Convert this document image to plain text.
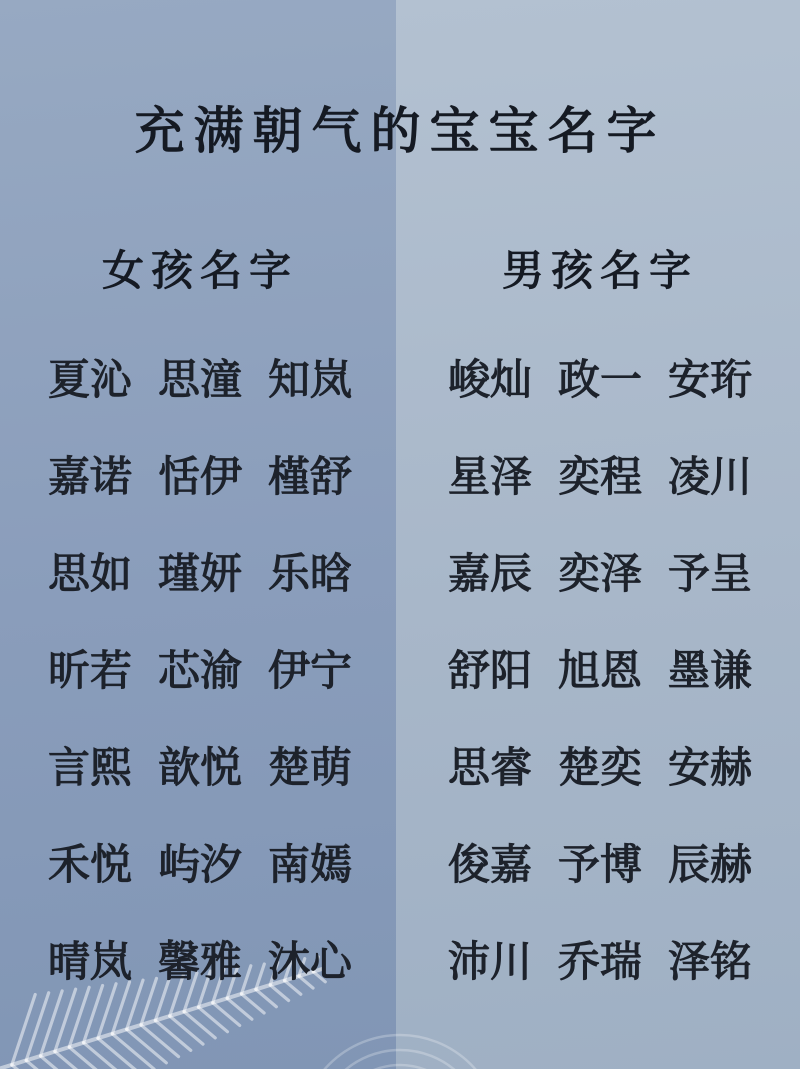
充满朝气的宝宝名字
女孩名字
夏沁 思潼 知岚
嘉诺 恬伊 槿舒
思如 瑾妍 乐晗
昕若 芯渝 伊宁
言熙 歆悦 楚萌
禾悦 屿汐 南嫣
晴岚 馨雅 沐心
男孩名字
峻灿 政一 安珩
星泽 奕程 凌川
嘉辰 奕泽 予呈
舒阳 旭恩 墨谦
思睿 楚奕 安赫
俊嘉 予博 辰赫
沛川 乔瑞 泽铭
